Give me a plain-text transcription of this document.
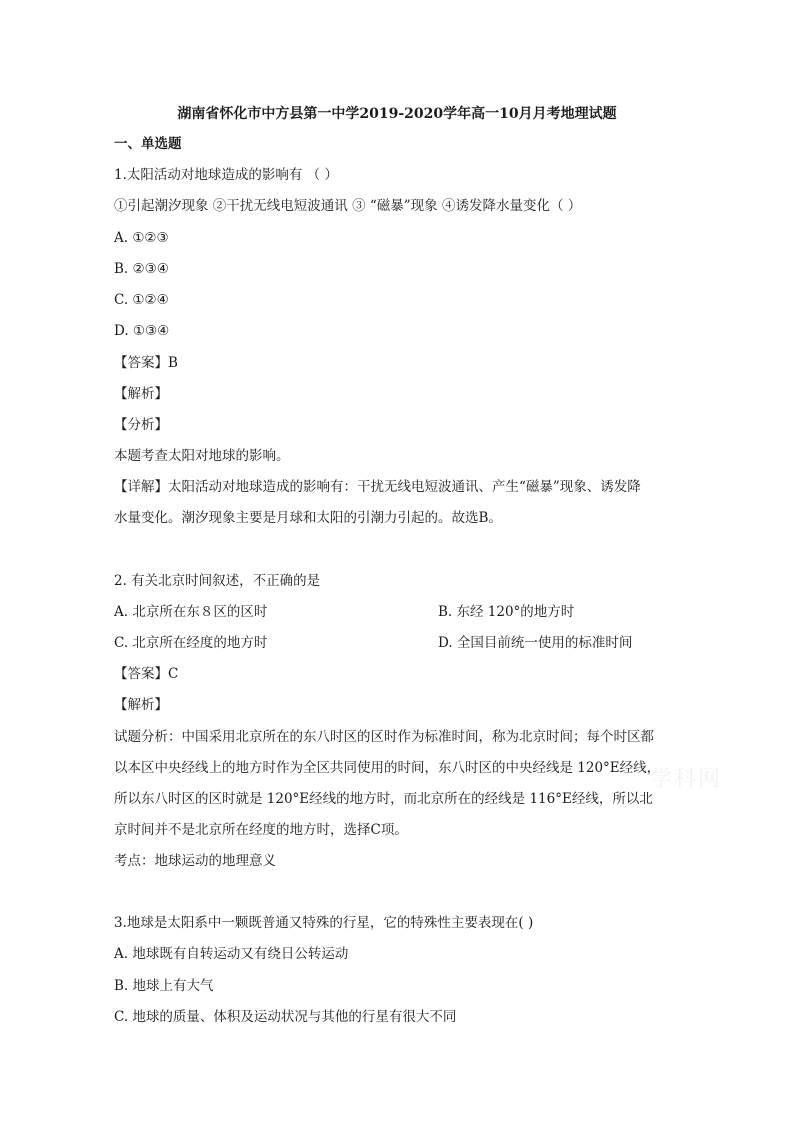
湖南省怀化市中方县第一中学2019-2020学年高一10月月考地理试题
一、单选题
1.太阳活动对地球造成的影响有 （ ）
①引起潮汐现象 ②干扰无线电短波通讯 ③ “磁暴”现象 ④诱发降水量变化（ ）
A. ①②③
B. ②③④
C. ①②④
D. ①③④
【答案】B
【解析】
【分析】
本题考查太阳对地球的影响。
【详解】太阳活动对地球造成的影响有：干扰无线电短波通讯、产生“磁暴”现象、诱发降
水量变化。潮汐现象主要是月球和太阳的引潮力引起的。故选B。
2. 有关北京时间叙述，不正确的是
A. 北京所在东８区的区时	B. 东经 120°的地方时
C. 北京所在经度的地方时	D. 全国目前统一使用的标准时间
【答案】C
【解析】
试题分析：中国采用北京所在的东八时区的区时作为标准时间，称为北京时间；每个时区都
以本区中央经线上的地方时作为全区共同使用的时间，东八时区的中央经线是 120°E经线，
所以东八时区的区时就是 120°E经线的地方时，而北京所在的经线是 116°E经线，所以北
京时间并不是北京所在经度的地方时，选择C项。
考点：地球运动的地理意义
3.地球是太阳系中一颗既普通又特殊的行星，它的特殊性主要表现在( )
A. 地球既有自转运动又有绕日公转运动
B. 地球上有大气
C. 地球的质量、体积及运动状况与其他的行星有很大不同
学科网
